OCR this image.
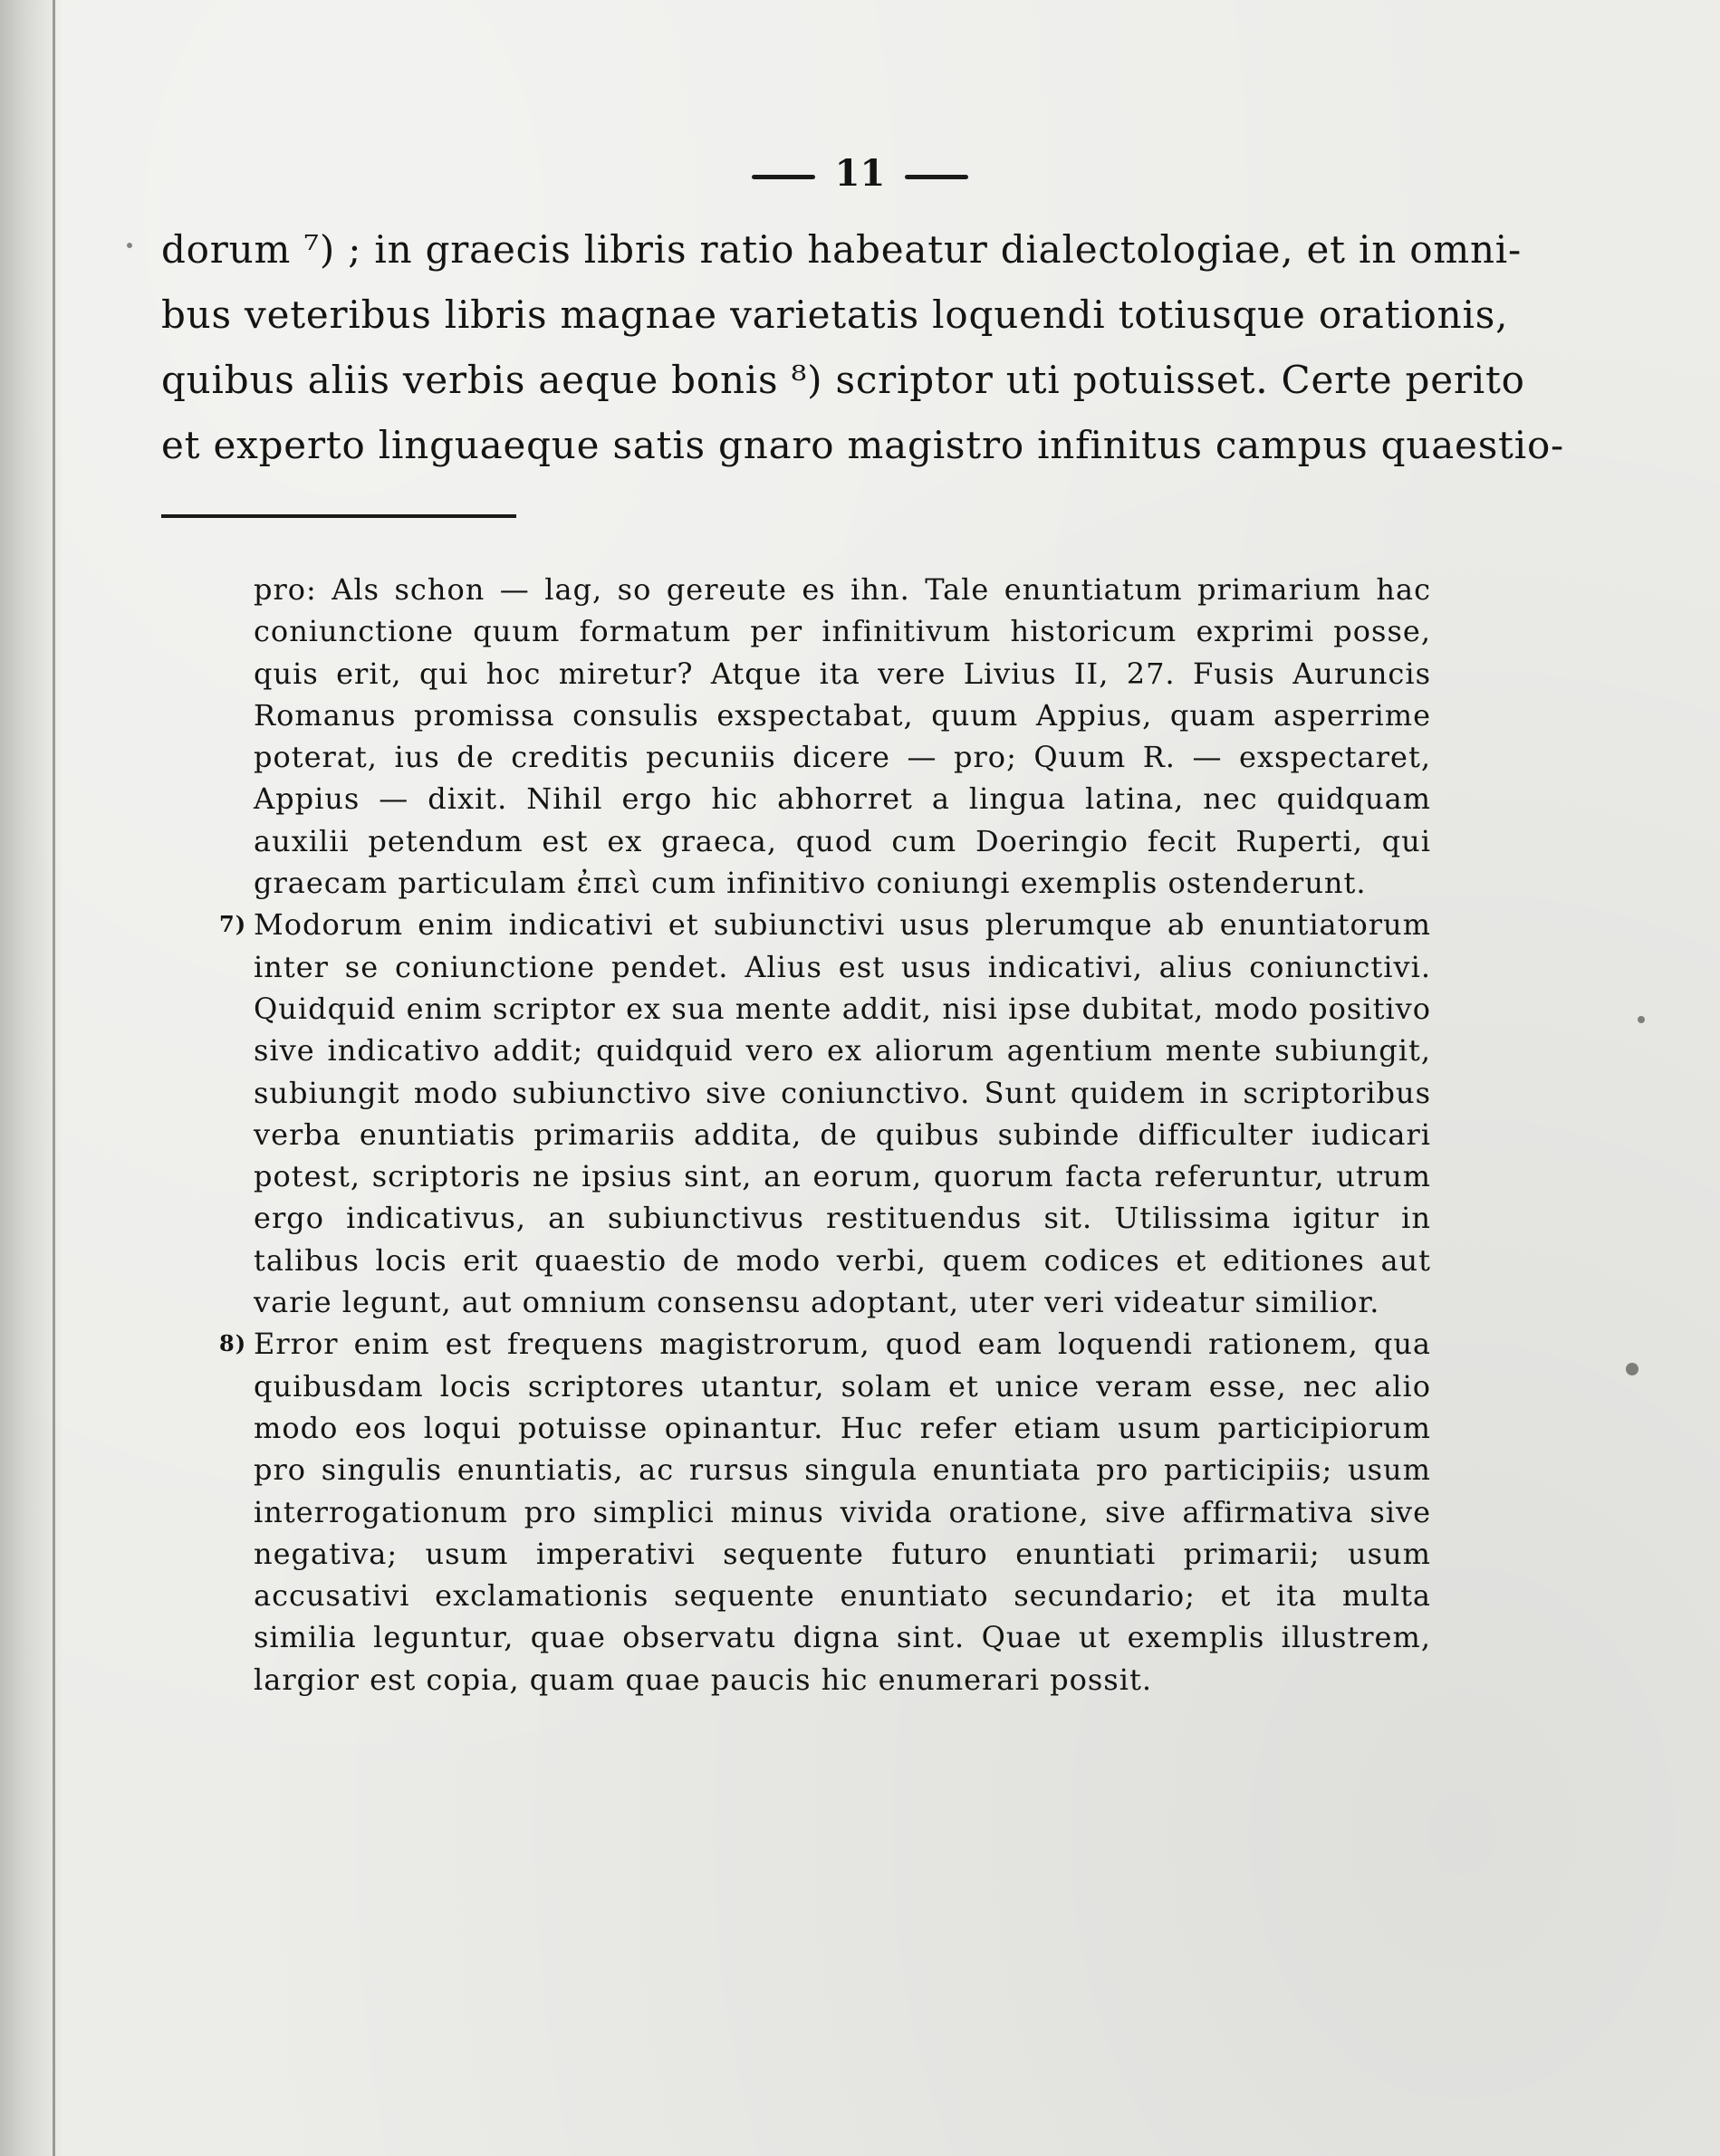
11
dorum ⁷) ; in graecis libris ratio habeatur dialectologiae, et in omni-
bus veteribus libris magnae varietatis loquendi totiusque orationis,
quibus aliis verbis aeque bonis ⁸) scriptor uti potuisset. Certe perito
et experto linguaeque satis gnaro magistro infinitus campus quaestio-

pro: Als schon — lag, so gereute es ihn. Tale enuntiatum primarium hac coniunctione quum formatum per infinitivum historicum exprimi posse, quis erit, qui hoc miretur? Atque ita vere Livius II, 27. Fusis Auruncis Romanus promissa consulis exspectabat, quum Appius, quam asperrime poterat, ius de creditis pecuniis dicere — pro; Quum R. — exspectaret, Appius — dixit. Nihil ergo hic abhorret a lingua latina, nec quidquam auxilii petendum est ex graeca, quod cum Doeringio fecit Ruperti, qui graecam particulam ἐπεὶ cum infinitivo coniungi exemplis ostenderunt.

7) Modorum enim indicativi et subiunctivi usus plerumque ab enuntiatorum inter se coniunctione pendet. Alius est usus indicativi, alius coniunctivi. Quidquid enim scriptor ex sua mente addit, nisi ipse dubitat, modo positivo sive indicativo addit; quidquid vero ex aliorum agentium mente subiungit, subiungit modo subiunctivo sive coniunctivo. Sunt quidem in scriptoribus verba enuntiatis primariis addita, de quibus subinde difficulter iudicari potest, scriptoris ne ipsius sint, an eorum, quorum facta referuntur, utrum ergo indicativus, an subiunctivus restituendus sit. Utilissima igitur in talibus locis erit quaestio de modo verbi, quem codices et editiones aut varie legunt, aut omnium consensu adoptant, uter veri videatur similior.

8) Error enim est frequens magistrorum, quod eam loquendi rationem, qua quibusdam locis scriptores utantur, solam et unice veram esse, nec alio modo eos loqui potuisse opinantur. Huc refer etiam usum participiorum pro singulis enuntiatis, ac rursus singula enuntiata pro participiis; usum interrogationum pro simplici minus vivida oratione, sive affirmativa sive negativa; usum imperativi sequente futuro enuntiati primarii; usum accusativi exclamationis sequente enuntiato secundario; et ita multa similia leguntur, quae observatu digna sint. Quae ut exemplis illustrem, largior est copia, quam quae paucis hic enumerari possit.
